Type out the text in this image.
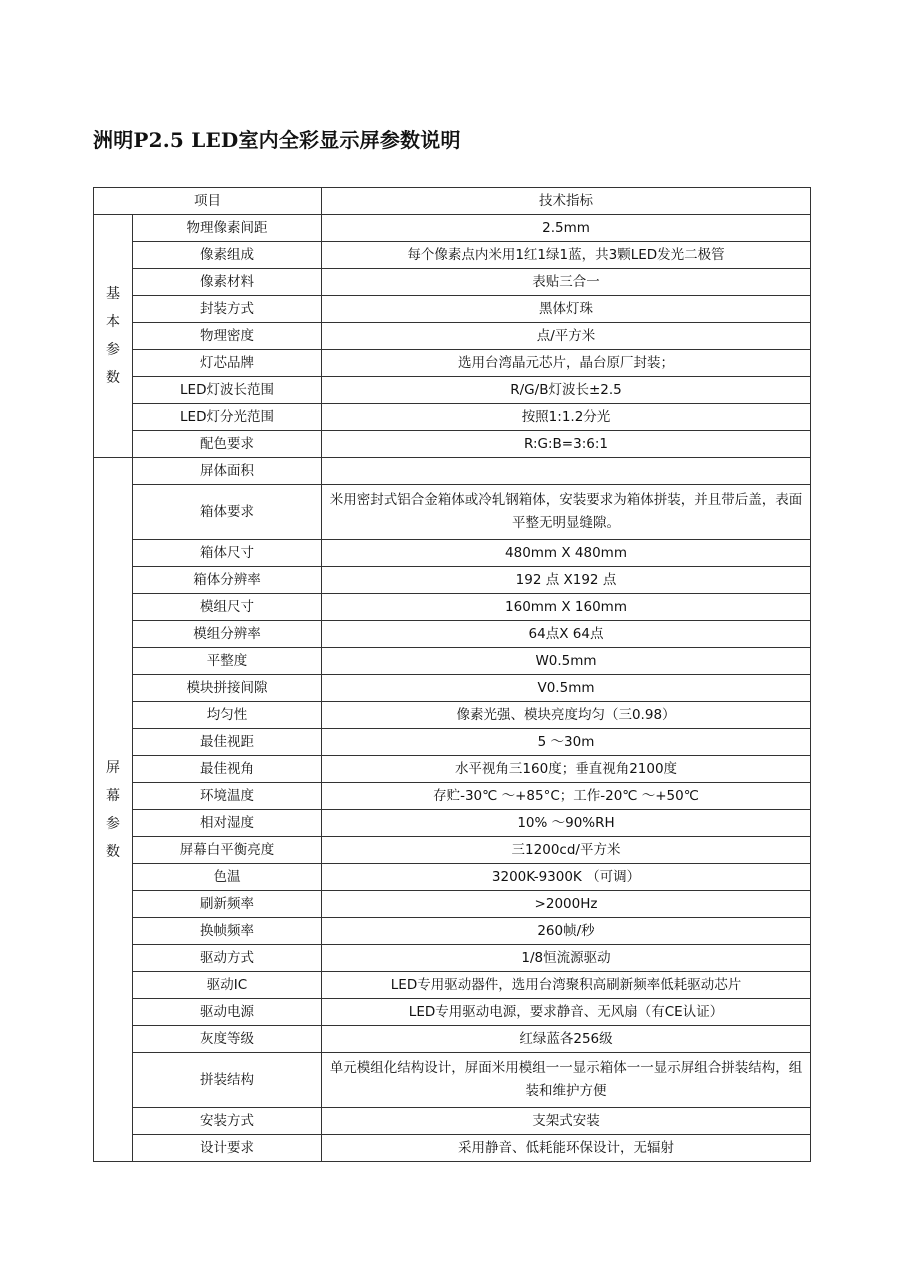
洲明P2.5 LED室内全彩显示屏参数说明
项目		技术指标
基本参数	物理像素间距	2.5mm
	像素组成	每个像素点内米用1红1绿1蓝，共3颗LED发光二极管
	像素材料	表贴三合一
	封装方式	黑体灯珠
	物理密度	点/平方米
	灯芯品牌	选用台湾晶元芯片，晶台原厂封装；
	LED灯波长范围	R/G/B灯波长±2.5
	LED灯分光范围	按照1:1.2分光
	配色要求	R:G:B=3:6:1
屏幕参数	屏体面积	
	箱体要求	米用密封式铝合金箱体或冷轧钢箱体，安装要求为箱体拼装，并且带后盖，表面平整无明显缝隙。
	箱体尺寸	480mm X 480mm
	箱体分辨率	192 点 X192 点
	模组尺寸	160mm X 160mm
	模组分辨率	64点X 64点
	平整度	W0.5mm
	模块拼接间隙	V0.5mm
	均匀性	像素光强、模块亮度均匀（三0.98）
	最佳视距	5 ～30m
	最佳视角	水平视角三160度；垂直视角2100度
	环境温度	存贮-30℃ ～+85°C；工作-20℃ ～+50℃
	相对湿度	10% ～90%RH
	屏幕白平衡亮度	三1200cd/平方米
	色温	3200K-9300K （可调）
	刷新频率	>2000Hz
	换帧频率	260帧/秒
	驱动方式	1/8恒流源驱动
	驱动IC	LED专用驱动器件，选用台湾聚积高刷新频率低耗驱动芯片
	驱动电源	LED专用驱动电源，要求静音、无风扇（有CE认证）
	灰度等级	红绿蓝各256级
	拼装结构	单元模组化结构设计，屏面米用模组一一显示箱体一一显示屏组合拼装结构，组装和维护方便
	安装方式	支架式安装
	设计要求	采用静音、低耗能环保设计，无辐射
